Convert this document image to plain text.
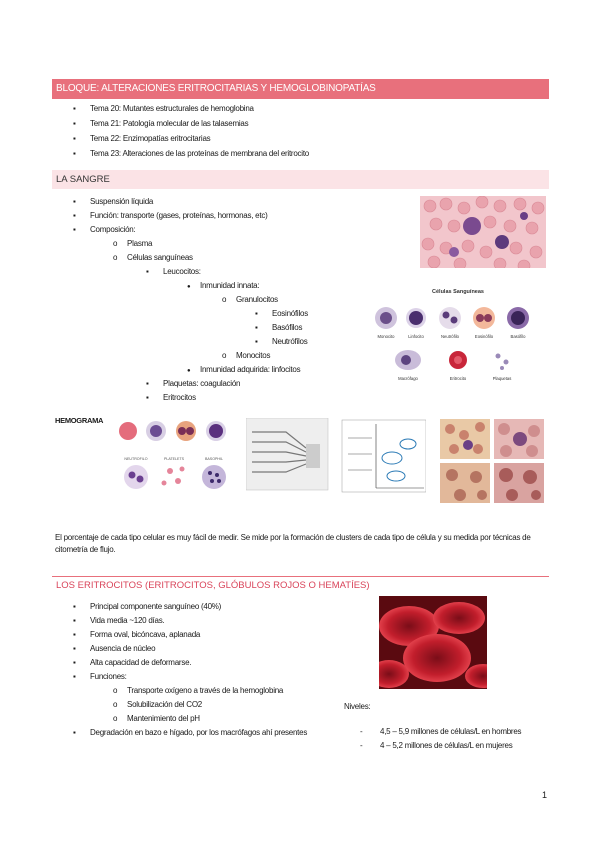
BLOQUE: ALTERACIONES ERITROCITARIAS Y HEMOGLOBINOPATÍAS
▪ Tema 20: Mutantes estructurales de hemoglobina
▪ Tema 21: Patología molecular de las talasemias
▪ Tema 22: Enzimopatías eritrocitarias
▪ Tema 23: Alteraciones de las proteínas de membrana del eritrocito
LA SANGRE
▪ Suspensión líquida
▪ Función: transporte (gases, proteínas, hormonas, etc)
▪ Composición:
o Plasma
o Células sanguíneas
▪ Leucocitos:
● Inmunidad innata:
o Granulocitos
▪ Eosinófilos
▪ Basófilos
▪ Neutrófilos
o Monocitos
● Inmunidad adquirida: linfocitos
▪ Plaquetas: coagulación
▪ Eritrocitos
Células Sanguíneas
Monocito	Linfocito	Neutrófilo	Eosinófilo	Basófilo
Macrófago	Eritrocito	Plaquetas
HEMOGRAMA
NEUTROFILO	PLATELETS	BASOPHIL
El porcentaje de cada tipo celular es muy fácil de medir. Se mide por la formación de clusters de cada tipo de célula y su medida por técnicas de citometría de flujo.
LOS ERITROCITOS (ERITROCITOS, GLÓBULOS ROJOS O HEMATÍES)
▪ Principal componente sanguíneo (40%)
▪ Vida media ~120 días.
▪ Forma oval, bicóncava, aplanada
▪ Ausencia de núcleo
▪ Alta capacidad de deformarse.
▪ Funciones:
o Transporte oxígeno a través de la hemoglobina
o Solubilización del CO2
o Mantenimiento del pH
▪ Degradación en bazo e hígado, por los macrófagos ahí presentes
Niveles:
- 4,5 – 5,9 millones de células/L en hombres
- 4 – 5,2 millones de células/L en mujeres
1
